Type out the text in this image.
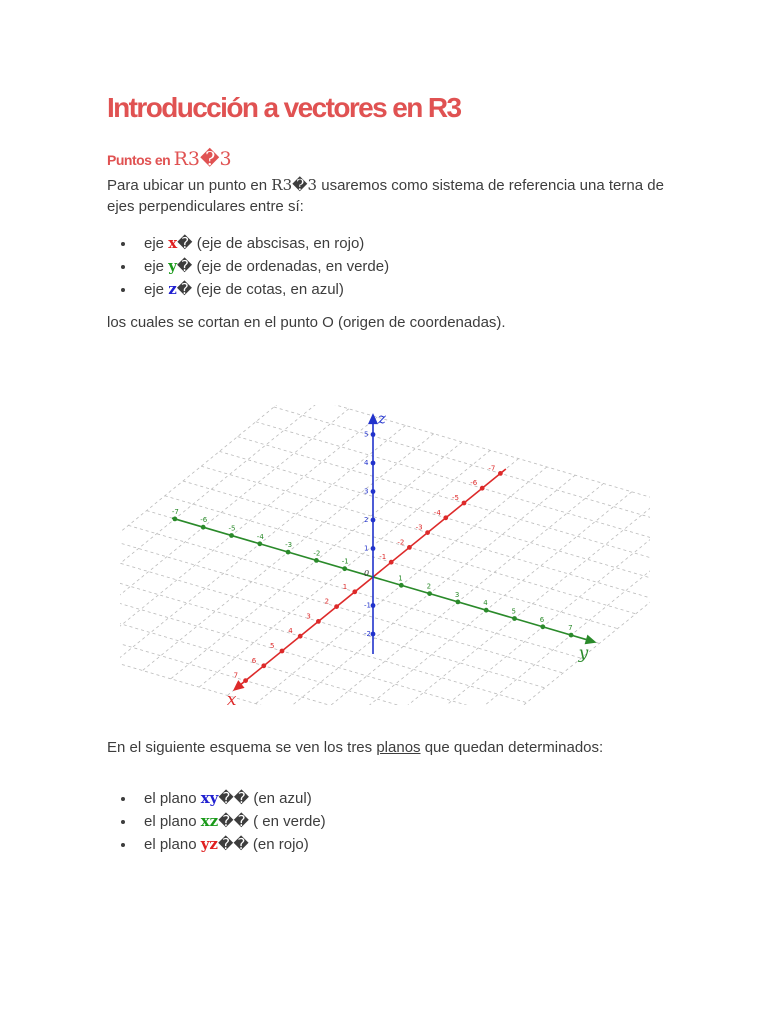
Introducción a vectores en R3
Puntos en R3�3

Para ubicar un punto en R3�3 usaremos como sistema de referencia una terna de ejes perpendiculares entre sí:

eje x� (eje de abscisas, en rojo)
eje y� (eje de ordenadas, en verde)
eje z� (eje de cotas, en azul)

los cuales se cortan en el punto O (origen de coordenadas).

En el siguiente esquema se ven los tres planos que quedan determinados:

el plano xy�� (en azul)
el plano xz�� ( en verde)
el plano yz�� (en rojo)
x
y
z
0
-7
-6
-5
-4
-3
-2
-1
1
2
3
4
5
6
7
-7
-6
-5
-4
-3
-2
-1
1
2
3
4
5
6
7
-2
-1
1
2
3
4
5
